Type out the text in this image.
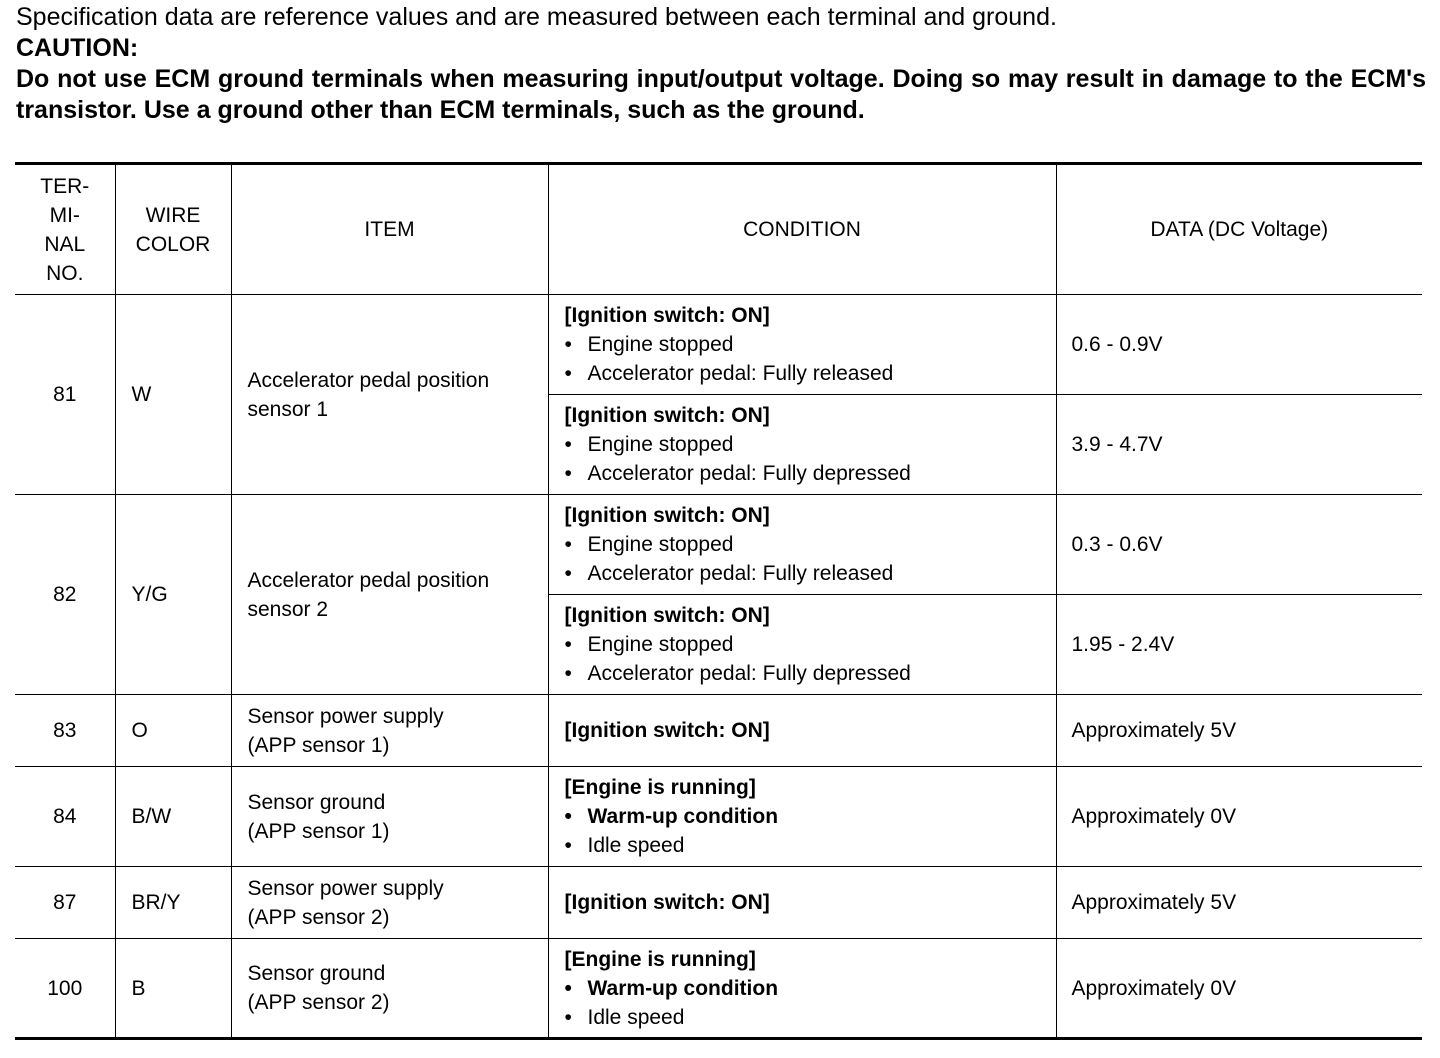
Specification data are reference values and are measured between each terminal and ground.

CAUTION:

Do not use ECM ground terminals when measuring input/output voltage. Doing so may result in damage to the ECM's transistor. Use a ground other than ECM terminals, such as the ground.

TER-
MI-
NAL
NO.	WIRE
COLOR	ITEM	CONDITION	DATA (DC Voltage)
81	W	Accelerator pedal position
sensor 1	[Ignition switch: ON]
• Engine stopped
• Accelerator pedal: Fully released	0.6 - 0.9V

			[Ignition switch: ON]
• Engine stopped
• Accelerator pedal: Fully depressed	3.9 - 4.7V
82	Y/G	Accelerator pedal position
sensor 2	[Ignition switch: ON]
• Engine stopped
• Accelerator pedal: Fully released	0.3 - 0.6V

			[Ignition switch: ON]
• Engine stopped
• Accelerator pedal: Fully depressed	1.95 - 2.4V
83	O	Sensor power supply
(APP sensor 1)	[Ignition switch: ON]	Approximately 5V
84	B/W	Sensor ground
(APP sensor 1)	[Engine is running]
• Warm-up condition
• Idle speed	Approximately 0V
87	BR/Y	Sensor power supply
(APP sensor 2)	[Ignition switch: ON]	Approximately 5V
100	B	Sensor ground
(APP sensor 2)	[Engine is running]
• Warm-up condition
• Idle speed	Approximately 0V
